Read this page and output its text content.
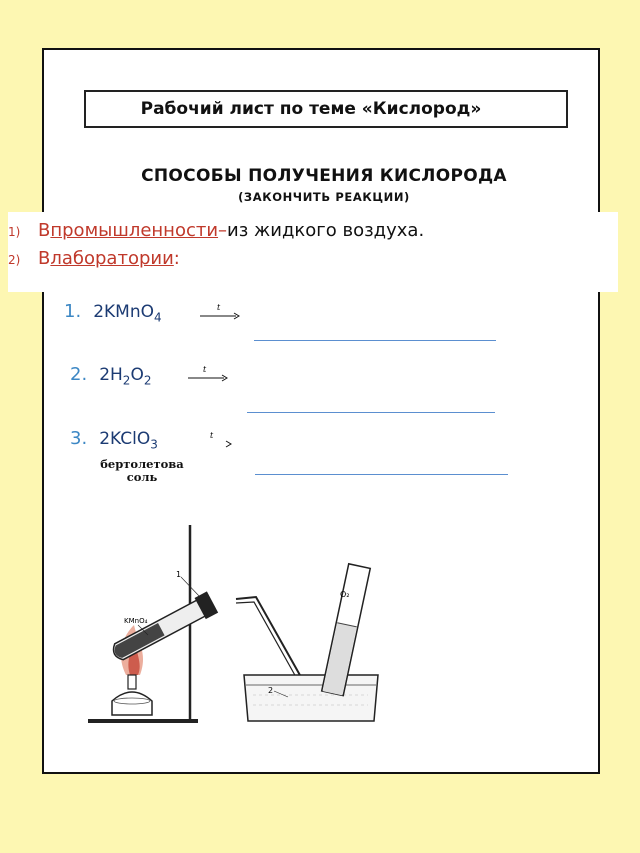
Рабочий лист по теме «Кислород»
СПОСОБЫ ПОЛУЧЕНИЯ КИСЛОРОДА
(ЗАКОНЧИТЬ РЕАКЦИИ)
1) В промышленности – из жидкого воздуха.
2) В лаборатории :
1. 2KMnO$_4$
t
2. $2H_2O_2$
t
3. 2KClO$_3$
t
бертолетова
соль
KMnO₄
1
2
O₂
